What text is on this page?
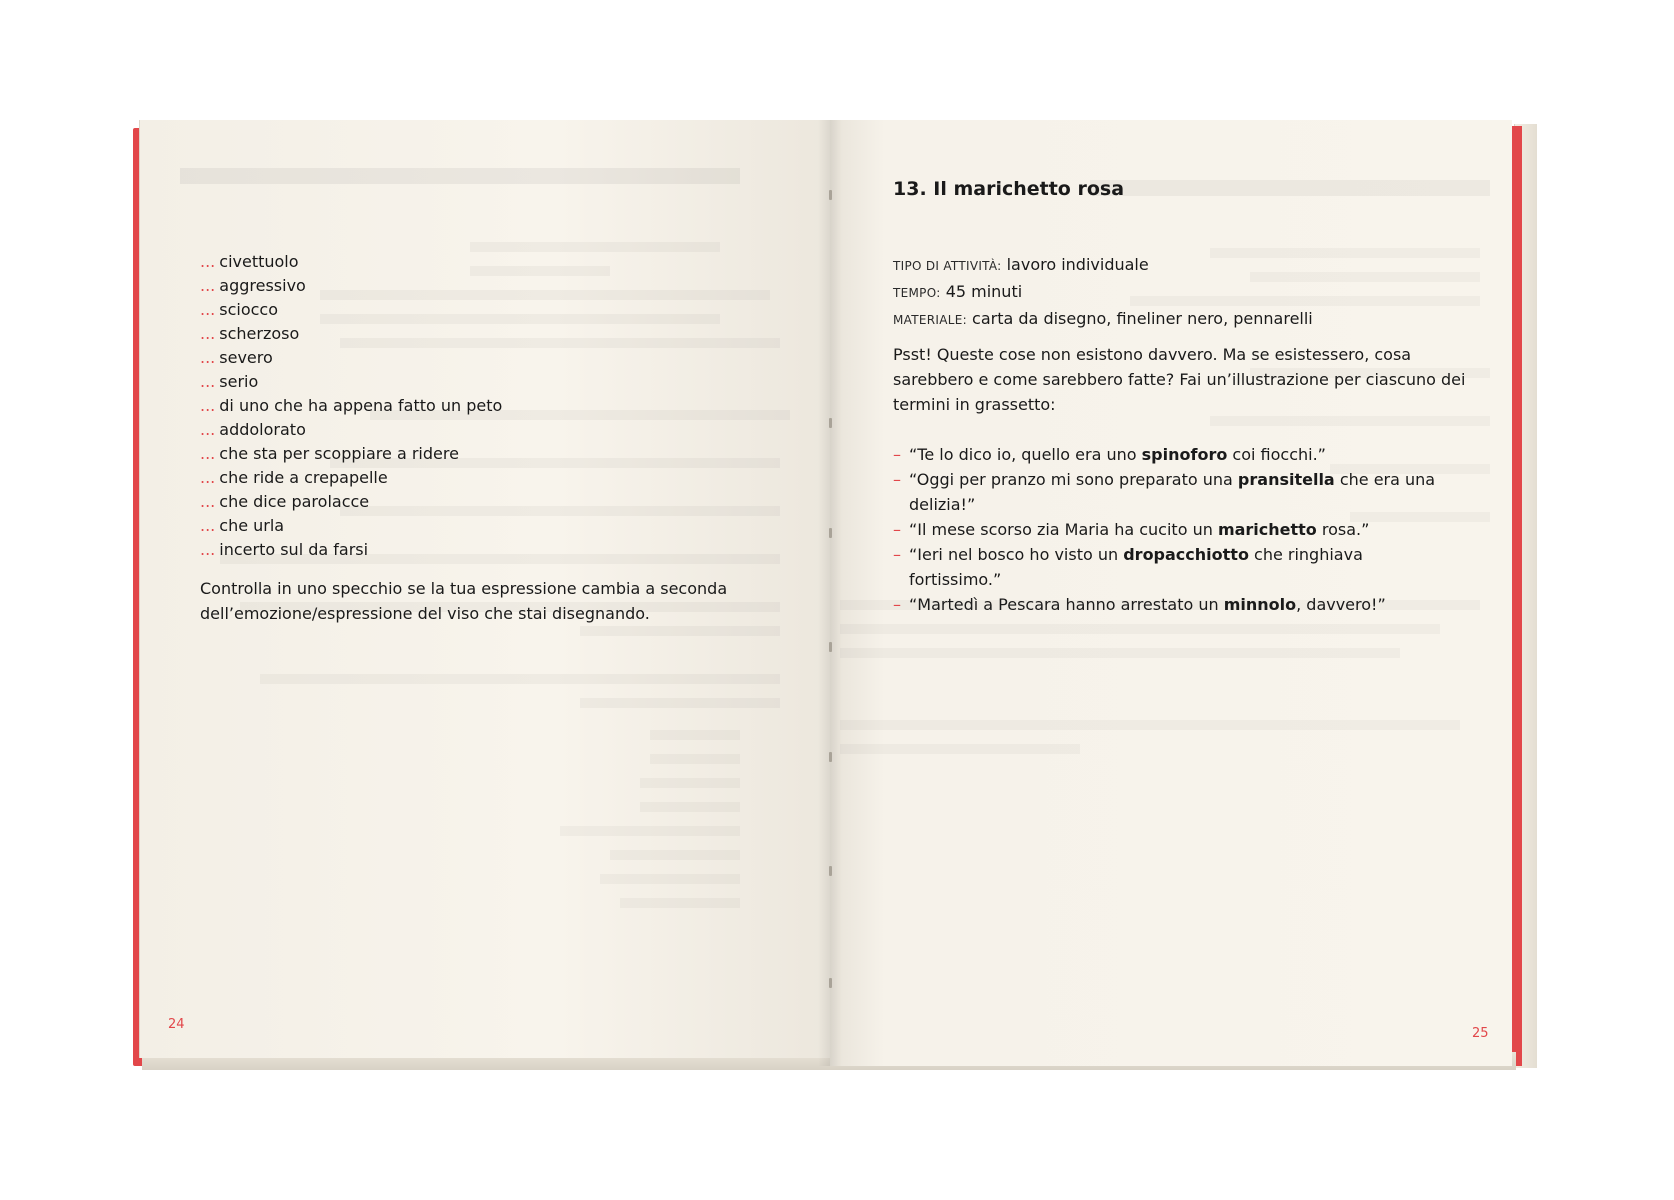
... civettuolo
... aggressivo
... sciocco
... scherzoso
... severo
... serio
... di uno che ha appena fatto un peto
... addolorato
... che sta per scoppiare a ridere
... che ride a crepapelle
... che dice parolacce
... che urla
... incerto sul da farsi

Controlla in uno specchio se la tua espressione cambia a seconda dell’emozione/espressione del viso che stai disegnando.

24
13. Il marichetto rosa
TIPO DI ATTIVITÀ: lavoro individuale
TEMPO: 45 minuti
MATERIALE: carta da disegno, fineliner nero, pennarelli

Psst! Queste cose non esistono davvero. Ma se esistessero, cosa sarebbero e come sarebbero fatte? Fai un’illustrazione per ciascuno dei termini in grassetto:

– “Te lo dico io, quello era uno spinoforo coi fiocchi.”
– “Oggi per pranzo mi sono preparato una pransitella che era una delizia!”
– “Il mese scorso zia Maria ha cucito un marichetto rosa.”
– “Ieri nel bosco ho visto un dropacchiotto che ringhiava fortissimo.”
– “Martedì a Pescara hanno arrestato un minnolo, davvero!”
25
